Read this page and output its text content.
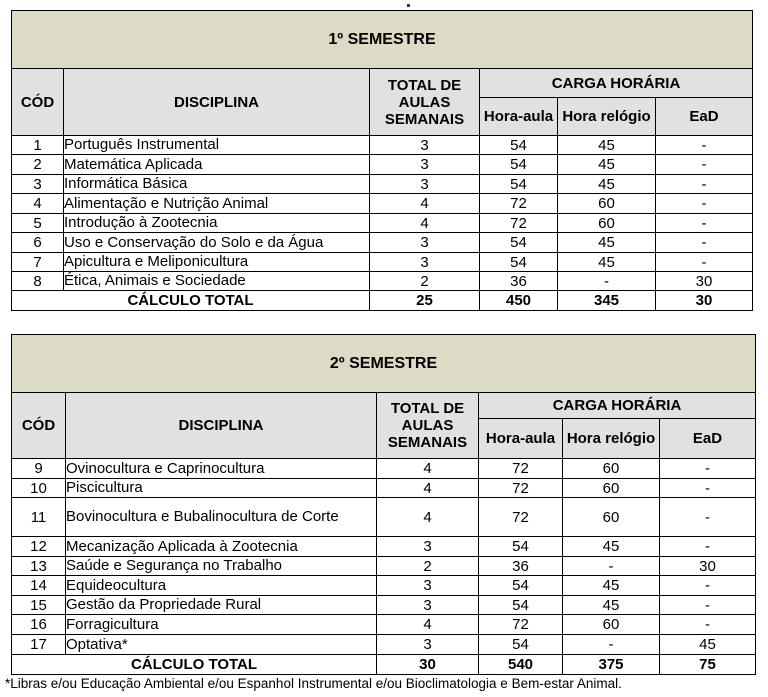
1º SEMESTRE					
CÓD	DISCIPLINA	TOTAL DE AULAS SEMANAIS	CARGA HORÁRIA		
			Hora-aula	Hora relógio	EaD
1	Português Instrumental	3	54	45	-
2	Matemática Aplicada	3	54	45	-
3	Informática Básica	3	54	45	-
4	Alimentação e Nutrição Animal	4	72	60	-
5	Introdução à Zootecnia	4	72	60	-
6	Uso e Conservação do Solo e da Água	3	54	45	-
7	Apicultura e Meliponicultura	3	54	45	-
8	Ética, Animais e Sociedade	2	36	-	30
CÁLCULO TOTAL		25	450	345	30
2º SEMESTRE					
CÓD	DISCIPLINA	TOTAL DE AULAS SEMANAIS	CARGA HORÁRIA		
			Hora-aula	Hora relógio	EaD
9	Ovinocultura e Caprinocultura	4	72	60	-
10	Piscicultura	4	72	60	-
11	Bovinocultura e Bubalinocultura de Corte	4	72	60	-
12	Mecanização Aplicada à Zootecnia	3	54	45	-
13	Saúde e Segurança no Trabalho	2	36	-	30
14	Equideocultura	3	54	45	-
15	Gestão da Propriedade Rural	3	54	45	-
16	Forragicultura	4	72	60	-
17	Optativa*	3	54	-	45
CÁLCULO TOTAL		30	540	375	75
*Libras e/ou Educação Ambiental e/ou Espanhol Instrumental e/ou Bioclimatologia e Bem-estar Animal.
